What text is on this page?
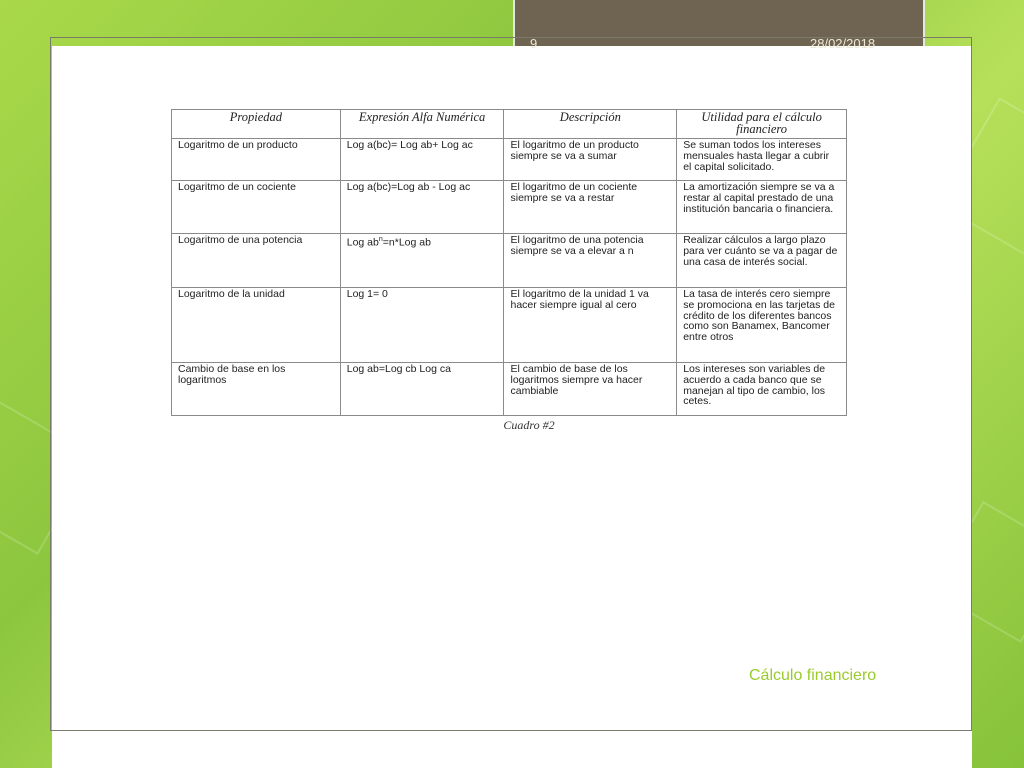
9	28/02/2018
Propiedad	Expresión Alfa Numérica	Descripción	Utilidad para el cálculo financiero
Logaritmo de un producto	Log a(bc)= Log ab+ Log ac	El logaritmo de un producto siempre se va a sumar	Se suman todos los intereses mensuales hasta llegar a cubrir el capital solicitado.
Logaritmo de un cociente	Log a(bc)=Log ab - Log ac	El logaritmo de un cociente siempre se va a restar	La amortización siempre se va a restar al capital prestado de una institución bancaria o financiera.
Logaritmo de una potencia	Log $ab^n=n*Log$ ab	El logaritmo de una potencia siempre se va a elevar a n	Realizar cálculos a largo plazo para ver cuánto se va a pagar de una casa de interés social.
Logaritmo de la unidad	Log 1= 0	El logaritmo de la unidad 1 va hacer siempre igual al cero	La tasa de interés cero siempre se promociona en las tarjetas de crédito de los diferentes bancos como son Banamex, Bancomer entre otros
Cambio de base en los logaritmos	Log ab=Log cb Log ca	El cambio de base de los logaritmos siempre va hacer cambiable	Los intereses son variables de acuerdo a cada banco que se manejan al tipo de cambio, los cetes.
Cuadro #2
Cálculo financiero
